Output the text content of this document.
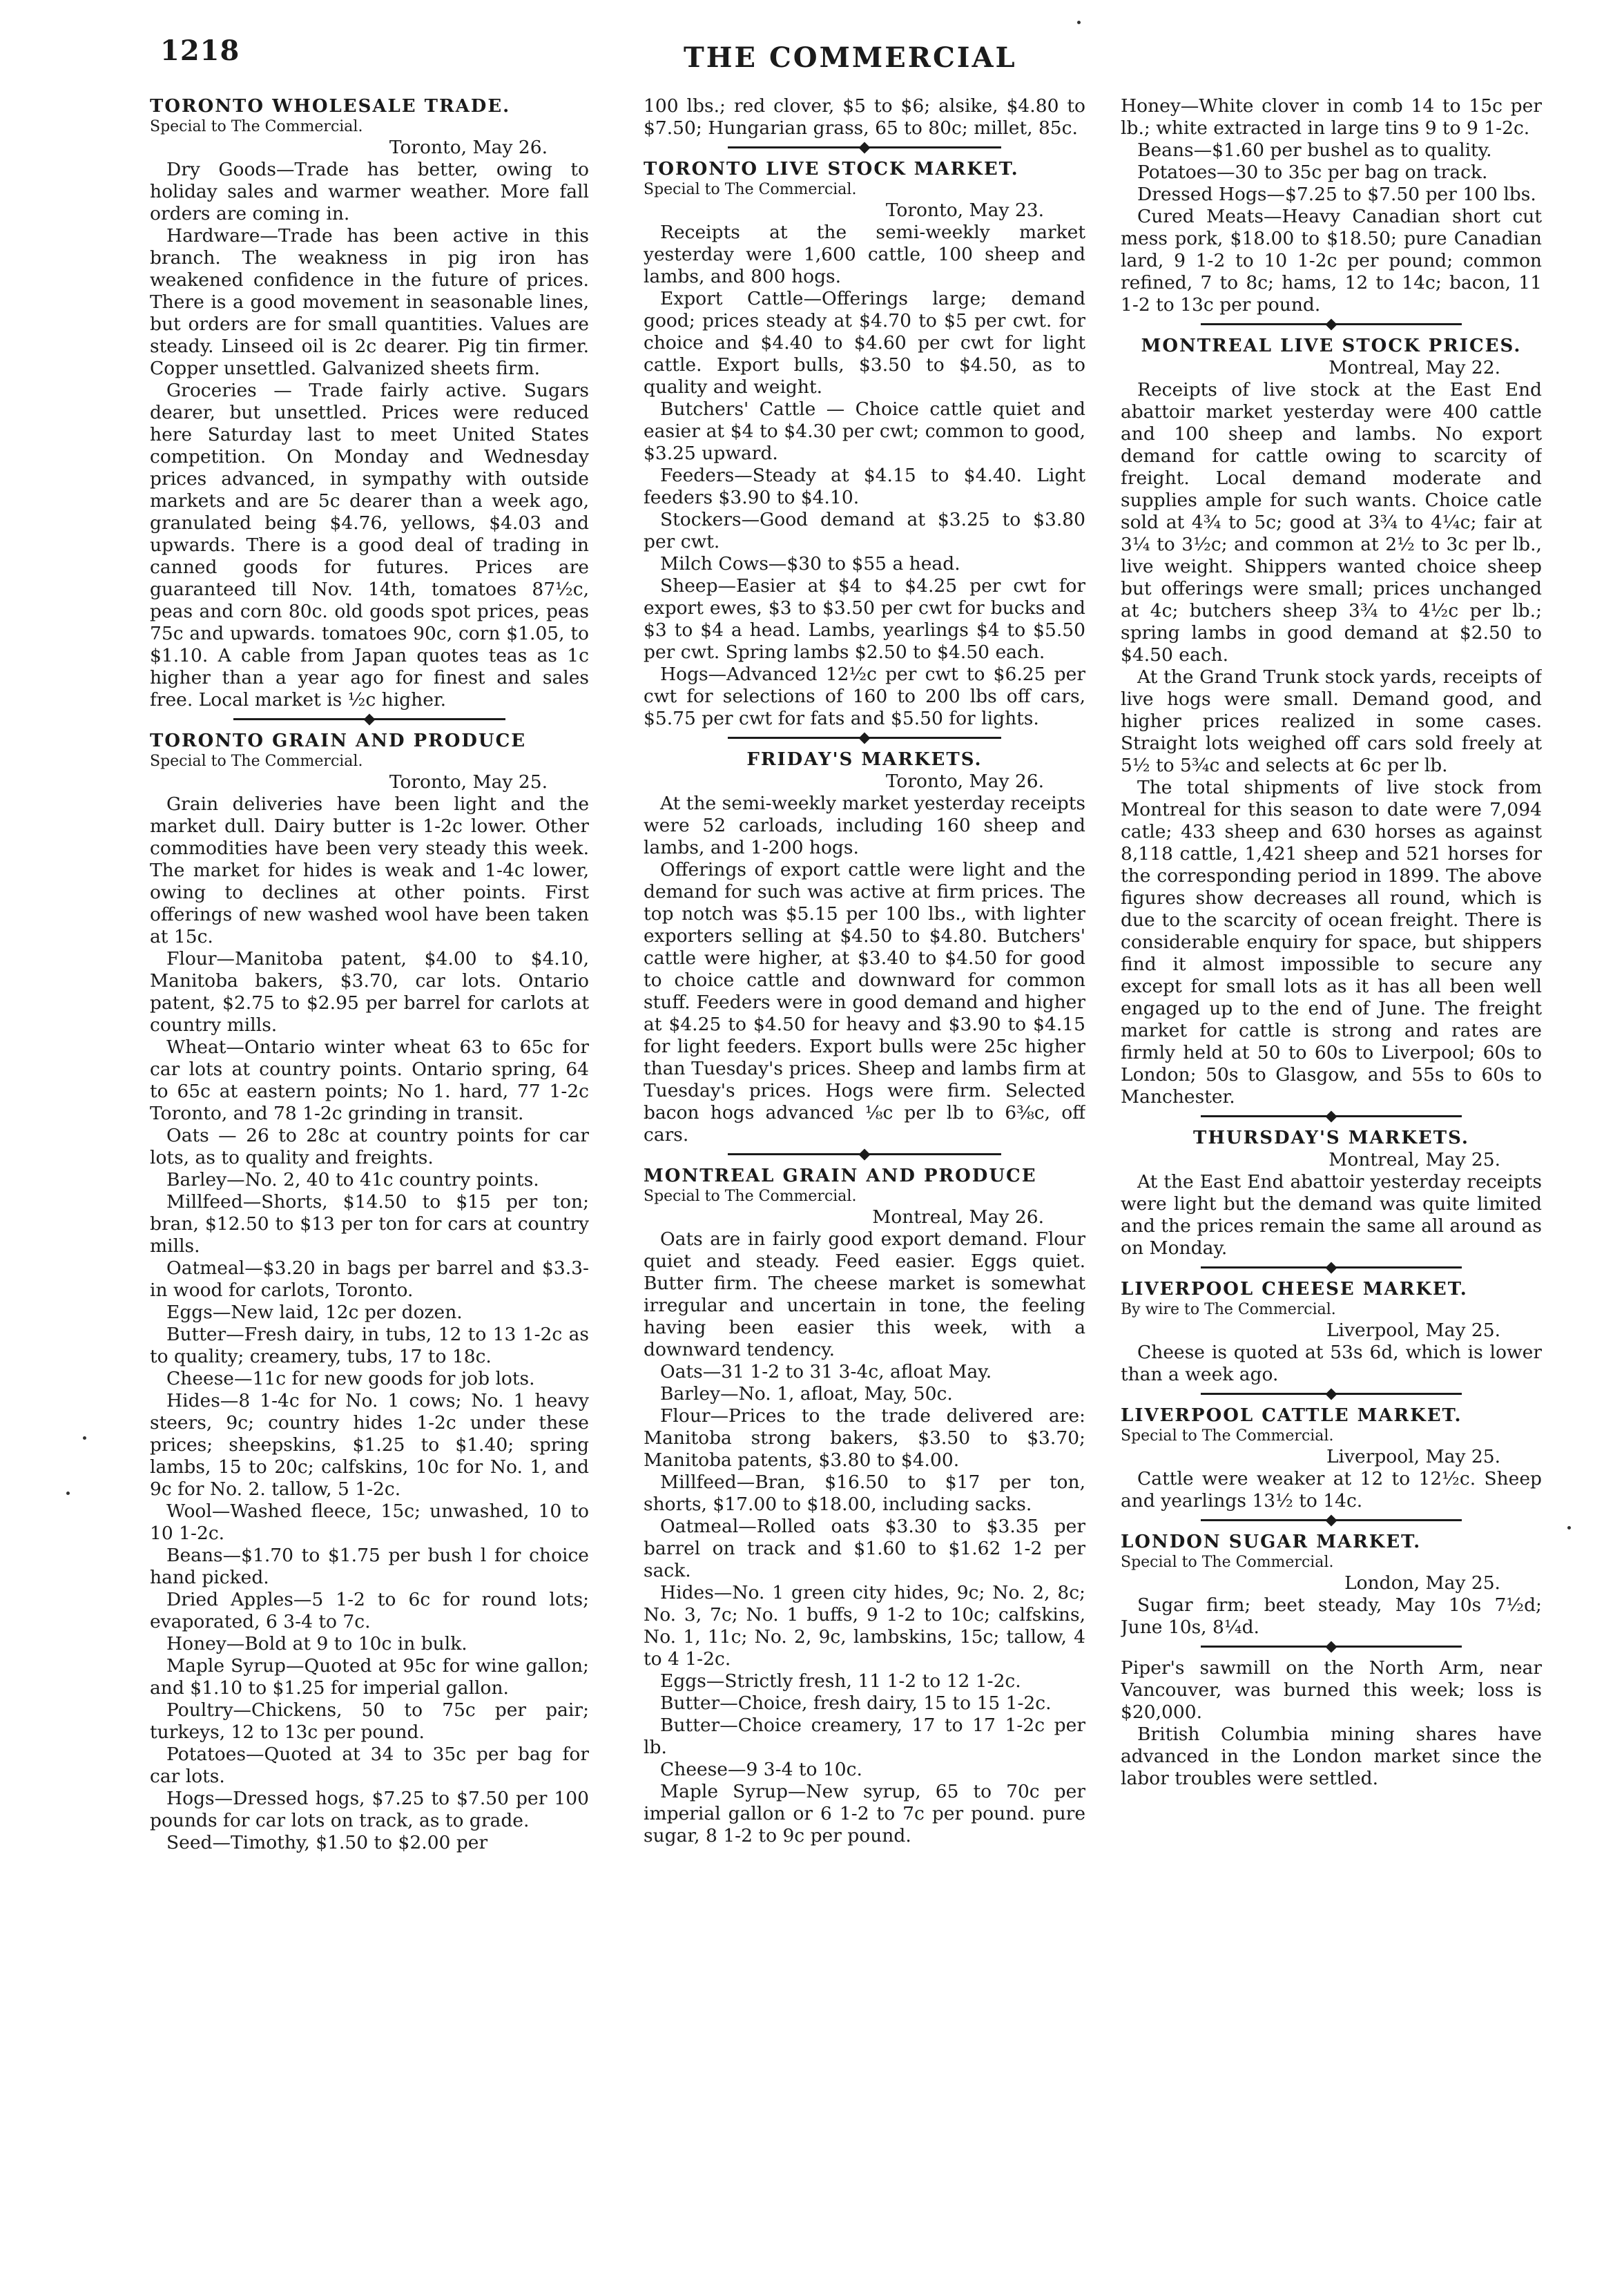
1218	THE COMMERCIAL
TORONTO WHOLESALE TRADE.
Special to The Commercial.
Toronto, May 26.

Dry Goods—Trade has better, owing to holiday sales and warmer weather. More fall orders are coming in.

Hardware—Trade has been active in this branch. The weakness in pig iron has weakened confidence in the future of prices. There is a good movement in seasonable lines, but orders are for small quantities. Values are steady. Linseed oil is 2c dearer. Pig tin firmer. Copper unsettled. Galvanized sheets firm.

Groceries — Trade fairly active. Sugars dearer, but unsettled. Prices were reduced here Saturday last to meet United States competition. On Monday and Wednesday prices advanced, in sympathy with outside markets and are 5c dearer than a week ago, granulated being $4.76, yellows, $4.03 and upwards. There is a good deal of trading in canned goods for futures. Prices are guaranteed till Nov. 14th, tomatoes 87½c, peas and corn 80c. old goods spot prices, peas 75c and upwards. tomatoes 90c, corn $1.05, to $1.10. A cable from Japan quotes teas as 1c higher than a year ago for finest and sales free. Local market is ½c higher.

TORONTO GRAIN AND PRODUCE
Special to The Commercial.
Toronto, May 25.

Grain deliveries have been light and the market dull. Dairy butter is 1-2c lower. Other commodities have been very steady this week. The market for hides is weak and 1-4c lower, owing to declines at other points. First offerings of new washed wool have been taken at 15c.

Flour—Manitoba patent, $4.00 to $4.10, Manitoba bakers, $3.70, car lots. Ontario patent, $2.75 to $2.95 per barrel for carlots at country mills.

Wheat—Ontario winter wheat 63 to 65c for car lots at country points. Ontario spring, 64 to 65c at eastern points; No 1. hard, 77 1-2c Toronto, and 78 1-2c grinding in transit.

Oats — 26 to 28c at country points for car lots, as to quality and freights.

Barley—No. 2, 40 to 41c country points.

Millfeed—Shorts, $14.50 to $15 per ton; bran, $12.50 to $13 per ton for cars at country mills.

Oatmeal—$3.20 in bags per barrel and $3.3- in wood for carlots, Toronto.

Eggs—New laid, 12c per dozen.

Butter—Fresh dairy, in tubs, 12 to 13 1-2c as to quality; creamery, tubs, 17 to 18c.

Cheese—11c for new goods for job lots.

Hides—8 1-4c for No. 1 cows; No. 1 heavy steers, 9c; country hides 1-2c under these prices; sheepskins, $1.25 to $1.40; spring lambs, 15 to 20c; calfskins, 10c for No. 1, and 9c for No. 2. tallow, 5 1-2c.

Wool—Washed fleece, 15c; unwashed, 10 to 10 1-2c.

Beans—$1.70 to $1.75 per bush l for choice hand picked.

Dried Apples—5 1-2 to 6c for round lots; evaporated, 6 3-4 to 7c.

Honey—Bold at 9 to 10c in bulk.

Maple Syrup—Quoted at 95c for wine gallon; and $1.10 to $1.25 for imperial gallon.

Poultry—Chickens, 50 to 75c per pair; turkeys, 12 to 13c per pound.

Potatoes—Quoted at 34 to 35c per bag for car lots.

Hogs—Dressed hogs, $7.25 to $7.50 per 100 pounds for car lots on track, as to grade.

Seed—Timothy, $1.50 to $2.00 per

100 lbs.; red clover, $5 to $6; alsike, $4.80 to $7.50; Hungarian grass, 65 to 80c; millet, 85c.

TORONTO LIVE STOCK MARKET.
Special to The Commercial.
Toronto, May 23.

Receipts at the semi-weekly market yesterday were 1,600 cattle, 100 sheep and lambs, and 800 hogs.

Export Cattle—Offerings large; demand good; prices steady at $4.70 to $5 per cwt. for choice and $4.40 to $4.60 per cwt for light cattle. Export bulls, $3.50 to $4.50, as to quality and weight.

Butchers' Cattle — Choice cattle quiet and easier at $4 to $4.30 per cwt; common to good, $3.25 upward.

Feeders—Steady at $4.15 to $4.40. Light feeders $3.90 to $4.10.

Stockers—Good demand at $3.25 to $3.80 per cwt.

Milch Cows—$30 to $55 a head.

Sheep—Easier at $4 to $4.25 per cwt for export ewes, $3 to $3.50 per cwt for bucks and $3 to $4 a head. Lambs, yearlings $4 to $5.50 per cwt. Spring lambs $2.50 to $4.50 each.

Hogs—Advanced 12½c per cwt to $6.25 per cwt for selections of 160 to 200 lbs off cars, $5.75 per cwt for fats and $5.50 for lights.

FRIDAY'S MARKETS.
Toronto, May 26.

At the semi-weekly market yesterday receipts were 52 carloads, including 160 sheep and lambs, and 1-200 hogs.

Offerings of export cattle were light and the demand for such was active at firm prices. The top notch was $5.15 per 100 lbs., with lighter exporters selling at $4.50 to $4.80. Butchers' cattle were higher, at $3.40 to $4.50 for good to choice cattle and downward for common stuff. Feeders were in good demand and higher at $4.25 to $4.50 for heavy and $3.90 to $4.15 for light feeders. Export bulls were 25c higher than Tuesday's prices. Sheep and lambs firm at Tuesday's prices. Hogs were firm. Selected bacon hogs advanced ⅛c per lb to 6⅜c, off cars.

MONTREAL GRAIN AND PRODUCE
Special to The Commercial.
Montreal, May 26.

Oats are in fairly good export demand. Flour quiet and steady. Feed easier. Eggs quiet. Butter firm. The cheese market is somewhat irregular and uncertain in tone, the feeling having been easier this week, with a downward tendency.

Oats—31 1-2 to 31 3-4c, afloat May.

Barley—No. 1, afloat, May, 50c.

Flour—Prices to the trade delivered are: Manitoba strong bakers, $3.50 to $3.70; Manitoba patents, $3.80 to $4.00.

Millfeed—Bran, $16.50 to $17 per ton, shorts, $17.00 to $18.00, including sacks.

Oatmeal—Rolled oats $3.30 to $3.35 per barrel on track and $1.60 to $1.62 1-2 per sack.

Hides—No. 1 green city hides, 9c; No. 2, 8c; No. 3, 7c; No. 1 buffs, 9 1-2 to 10c; calfskins, No. 1, 11c; No. 2, 9c, lambskins, 15c; tallow, 4 to 4 1-2c.

Eggs—Strictly fresh, 11 1-2 to 12 1-2c.

Butter—Choice, fresh dairy, 15 to 15 1-2c.

Butter—Choice creamery, 17 to 17 1-2c per lb.

Cheese—9 3-4 to 10c.

Maple Syrup—New syrup, 65 to 70c per imperial gallon or 6 1-2 to 7c per pound. pure sugar, 8 1-2 to 9c per pound.

Honey—White clover in comb 14 to 15c per lb.; white extracted in large tins 9 to 9 1-2c.

Beans—$1.60 per bushel as to quality.

Potatoes—30 to 35c per bag on track.

Dressed Hogs—$7.25 to $7.50 per 100 lbs.

Cured Meats—Heavy Canadian short cut mess pork, $18.00 to $18.50; pure Canadian lard, 9 1-2 to 10 1-2c per pound; common refined, 7 to 8c; hams, 12 to 14c; bacon, 11 1-2 to 13c per pound.

MONTREAL LIVE STOCK PRICES.
Montreal, May 22.

Receipts of live stock at the East End abattoir market yesterday were 400 cattle and 100 sheep and lambs. No export demand for cattle owing to scarcity of freight. Local demand moderate and supplies ample for such wants. Choice catle sold at 4¾ to 5c; good at 3¾ to 4¼c; fair at 3¼ to 3½c; and common at 2½ to 3c per lb., live weight. Shippers wanted choice sheep but offerings were small; prices unchanged at 4c; butchers sheep 3¾ to 4½c per lb.; spring lambs in good demand at $2.50 to $4.50 each.

At the Grand Trunk stock yards, receipts of live hogs were small. Demand good, and higher prices realized in some cases. Straight lots weighed off cars sold freely at 5½ to 5¾c and selects at 6c per lb.

The total shipments of live stock from Montreal for this season to date were 7,094 catle; 433 sheep and 630 horses as against 8,118 cattle, 1,421 sheep and 521 horses for the corresponding period in 1899. The above figures show decreases all round, which is due to the scarcity of ocean freight. There is considerable enquiry for space, but shippers find it almost impossible to secure any except for small lots as it has all been well engaged up to the end of June. The freight market for cattle is strong and rates are firmly held at 50 to 60s to Liverpool; 60s to London; 50s to Glasgow, and 55s to 60s to Manchester.

THURSDAY'S MARKETS.
Montreal, May 25.

At the East End abattoir yesterday receipts were light but the demand was quite limited and the prices remain the same all around as on Monday.

LIVERPOOL CHEESE MARKET.
By wire to The Commercial.
Liverpool, May 25.

Cheese is quoted at 53s 6d, which is lower than a week ago.

LIVERPOOL CATTLE MARKET.
Special to The Commercial.
Liverpool, May 25.

Cattle were weaker at 12 to 12½c. Sheep and yearlings 13½ to 14c.

LONDON SUGAR MARKET.
Special to The Commercial.
London, May 25.

Sugar firm; beet steady, May 10s 7½d; June 10s, 8¼d.

Piper's sawmill on the North Arm, near Vancouver, was burned this week; loss is $20,000.

British Columbia mining shares have advanced in the London market since the labor troubles were settled.
